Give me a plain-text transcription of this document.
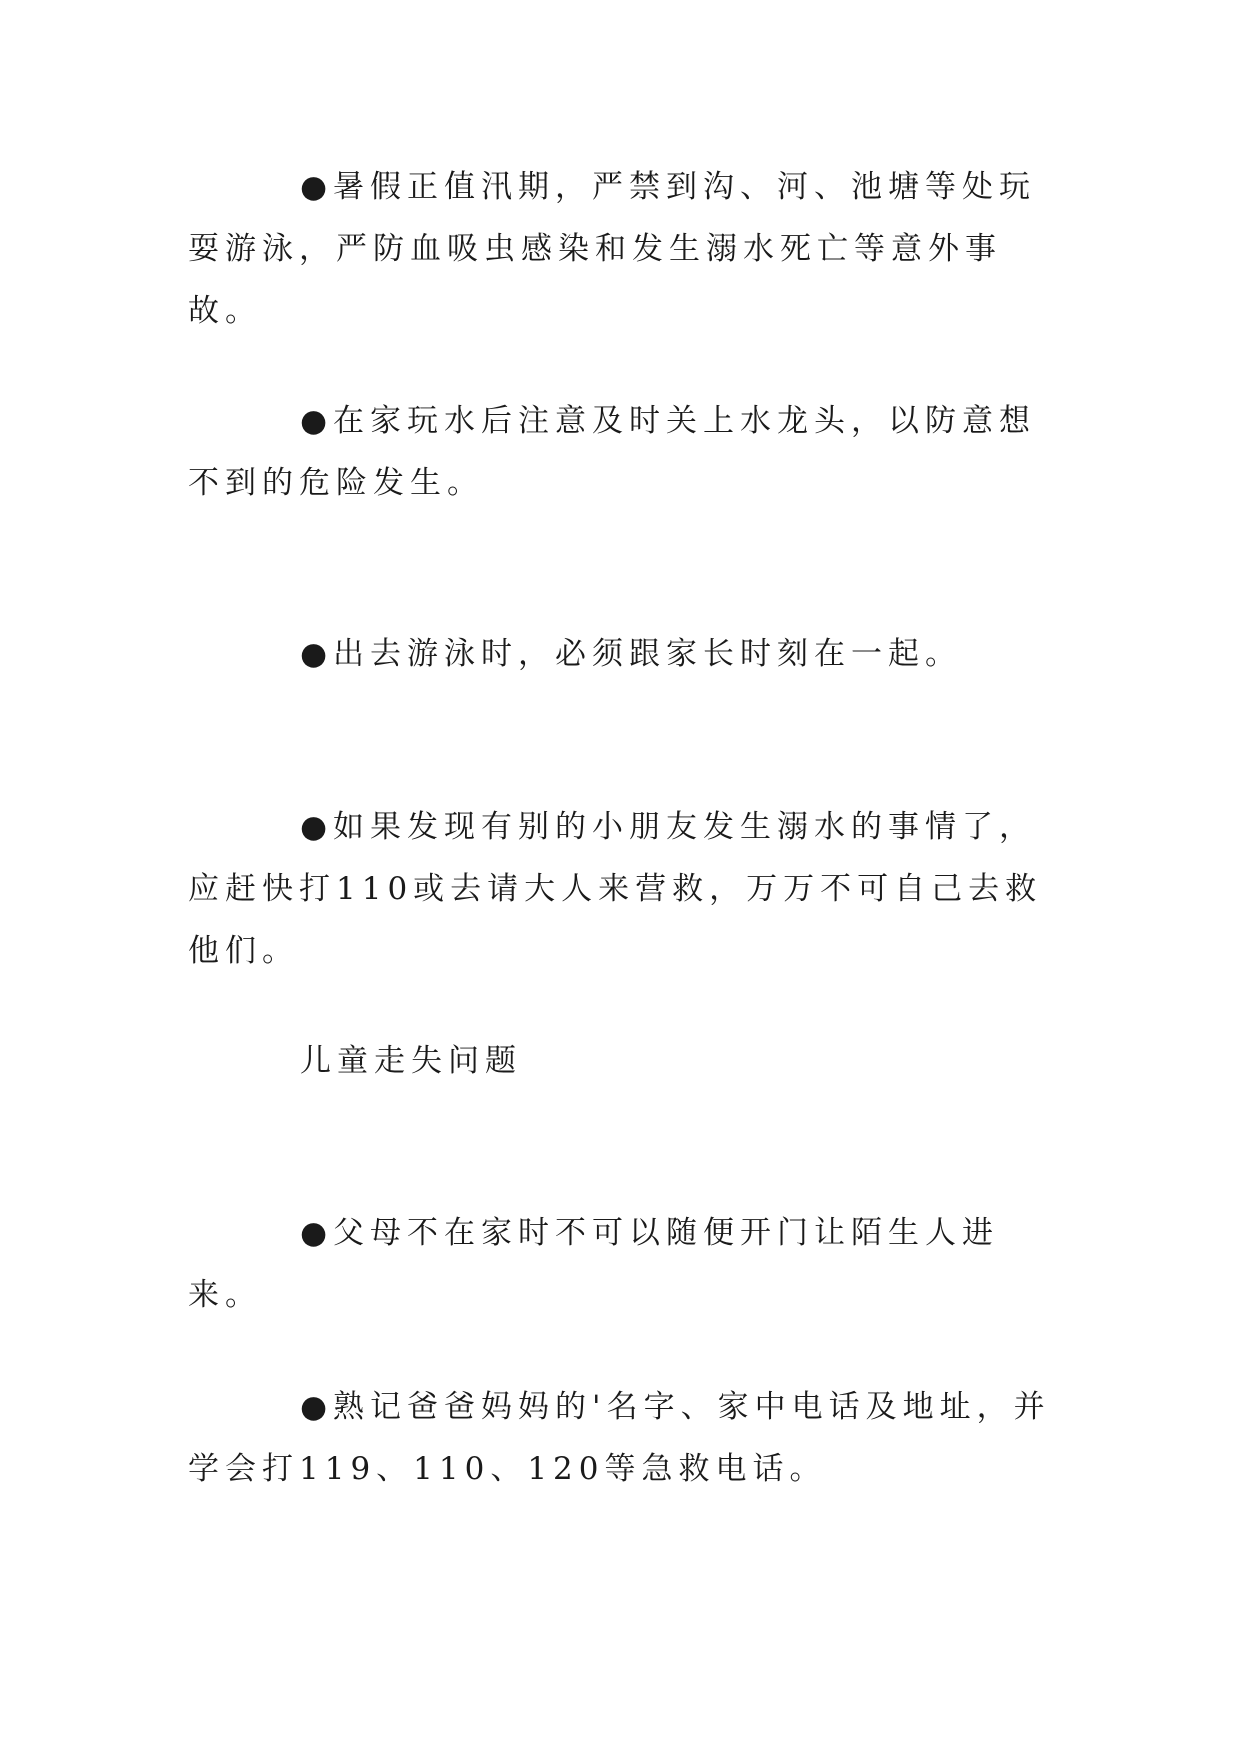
●暑假正值汛期，严禁到沟、河、池塘等处玩耍游泳，严防血吸虫感染和发生溺水死亡等意外事故。

●在家玩水后注意及时关上水龙头，以防意想不到的危险发生。

●出去游泳时，必须跟家长时刻在一起。

●如果发现有别的小朋友发生溺水的事情了，应赶快打110或去请大人来营救，万万不可自己去救他们。

儿童走失问题

●父母不在家时不可以随便开门让陌生人进来。

●熟记爸爸妈妈的'名字、家中电话及地址，并学会打119、110、120等急救电话。
